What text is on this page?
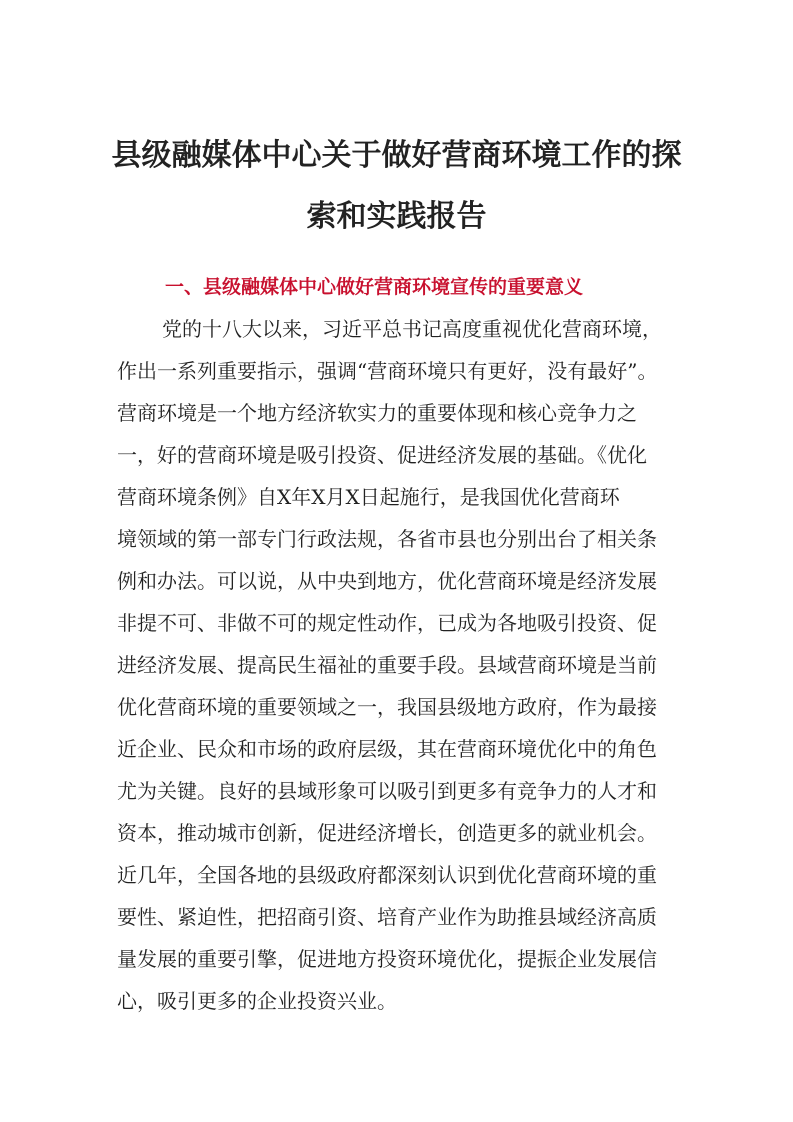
县级融媒体中心关于做好营商环境工作的探
索和实践报告
一、县级融媒体中心做好营商环境宣传的重要意义

党的十八大以来，习近平总书记高度重视优化营商环境，

作出一系列重要指示，强调“营商环境只有更好，没有最好”。

营商环境是一个地方经济软实力的重要体现和核心竞争力之

一，好的营商环境是吸引投资、促进经济发展的基础。《优化

营商环境条例》自X年X月X日起施行，是我国优化营商环

境领域的第一部专门行政法规，各省市县也分别出台了相关条

例和办法。可以说，从中央到地方，优化营商环境是经济发展

非提不可、非做不可的规定性动作，已成为各地吸引投资、促

进经济发展、提高民生福祉的重要手段。县域营商环境是当前

优化营商环境的重要领域之一，我国县级地方政府，作为最接

近企业、民众和市场的政府层级，其在营商环境优化中的角色

尤为关键。良好的县域形象可以吸引到更多有竞争力的人才和

资本，推动城市创新，促进经济增长，创造更多的就业机会。

近几年，全国各地的县级政府都深刻认识到优化营商环境的重

要性、紧迫性，把招商引资、培育产业作为助推县域经济高质

量发展的重要引擎，促进地方投资环境优化，提振企业发展信

心，吸引更多的企业投资兴业。
